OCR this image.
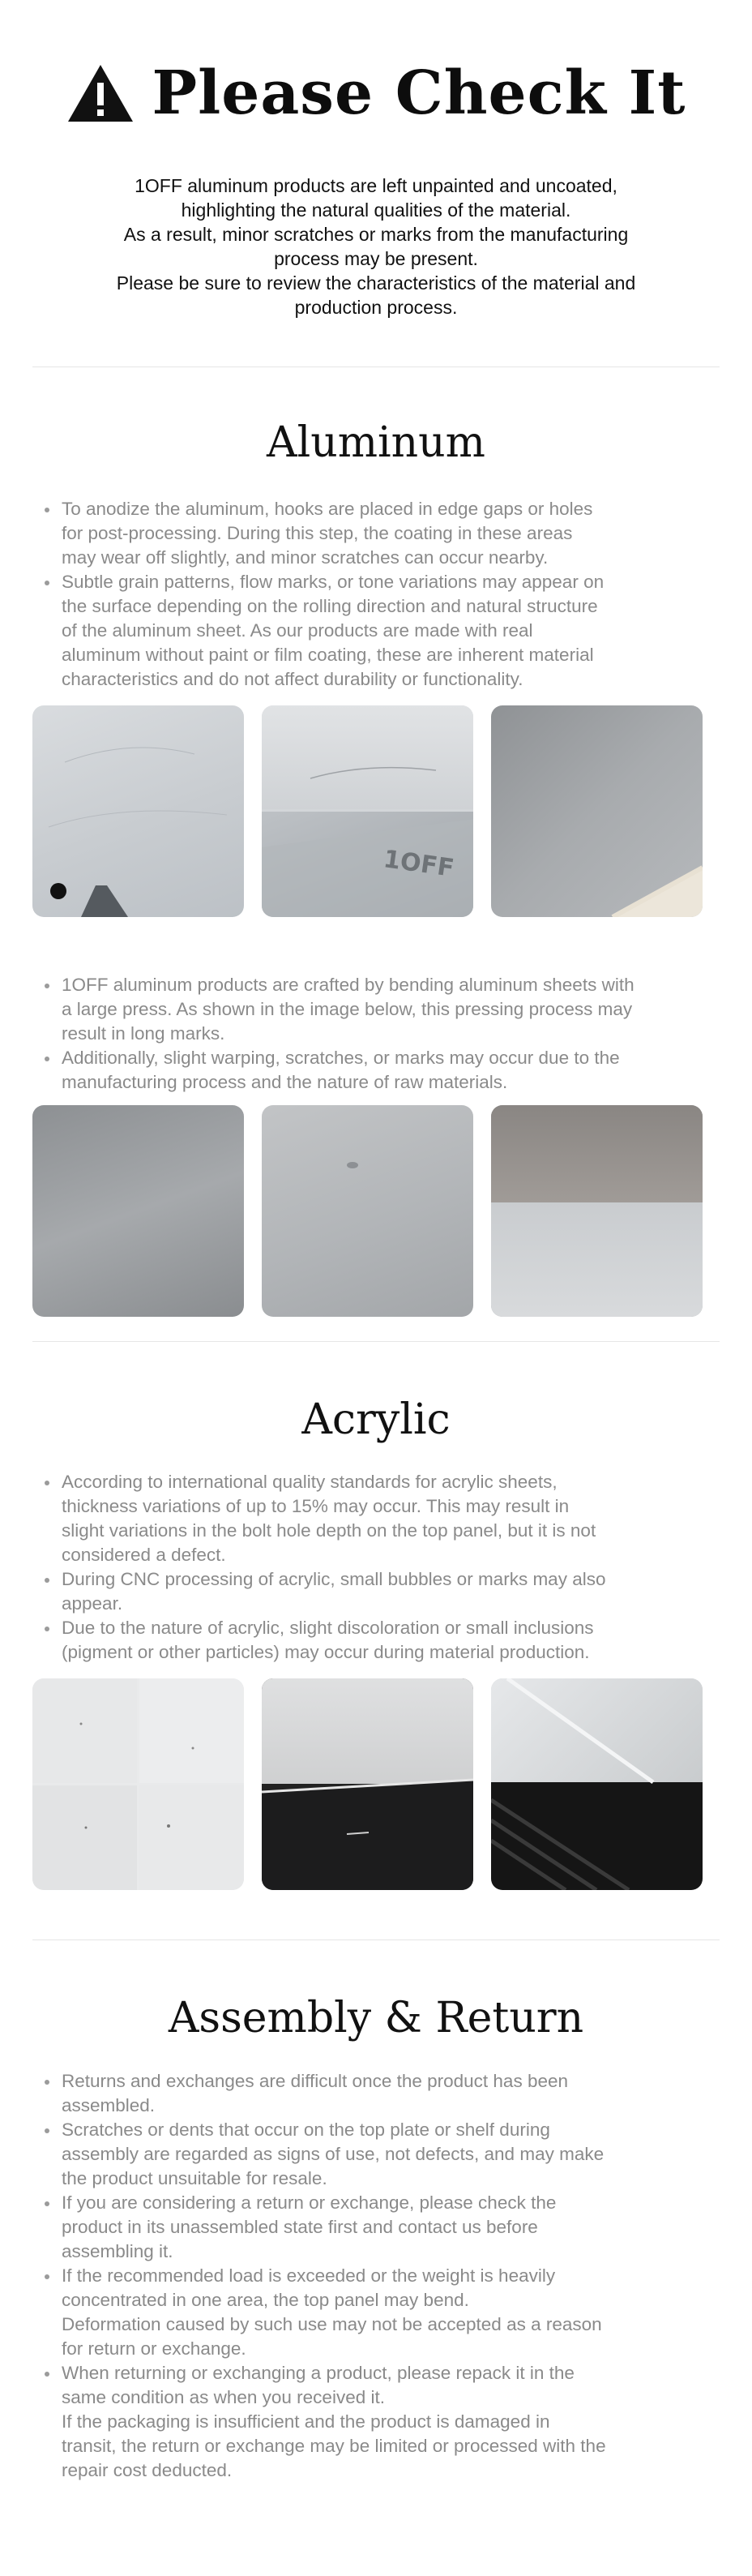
Please Check It

1OFF aluminum products are left unpainted and uncoated,

highlighting the natural qualities of the material.

As a result, minor scratches or marks from the manufacturing

process may be present.

Please be sure to review the characteristics of the material and

production process.

Aluminum
To anodize the aluminum, hooks are placed in edge gaps or holes
for post-processing. During this step, the coating in these areas
may wear off slightly, and minor scratches can occur nearby.
Subtle grain patterns, flow marks, or tone variations may appear on
the surface depending on the rolling direction and natural structure
of the aluminum sheet. As our products are made with real
aluminum without paint or film coating, these are inherent material
characteristics and do not affect durability or functionality.
1OFF
1OFF aluminum products are crafted by bending aluminum sheets with
a large press. As shown in the image below, this pressing process may
result in long marks.
Additionally, slight warping, scratches, or marks may occur due to the
manufacturing process and the nature of raw materials.
Acrylic
According to international quality standards for acrylic sheets,
thickness variations of up to 15% may occur. This may result in
slight variations in the bolt hole depth on the top panel, but it is not
considered a defect.
During CNC processing of acrylic, small bubbles or marks may also
appear.
Due to the nature of acrylic, slight discoloration or small inclusions
(pigment or other particles) may occur during material production.
Assembly & Return
Returns and exchanges are difficult once the product has been
assembled.
Scratches or dents that occur on the top plate or shelf during
assembly are regarded as signs of use, not defects, and may make
the product unsuitable for resale.
If you are considering a return or exchange, please check the
product in its unassembled state first and contact us before
assembling it.
If the recommended load is exceeded or the weight is heavily
concentrated in one area, the top panel may bend.
Deformation caused by such use may not be accepted as a reason
for return or exchange.
When returning or exchanging a product, please repack it in the
same condition as when you received it.
If the packaging is insufficient and the product is damaged in
transit, the return or exchange may be limited or processed with the
repair cost deducted.
